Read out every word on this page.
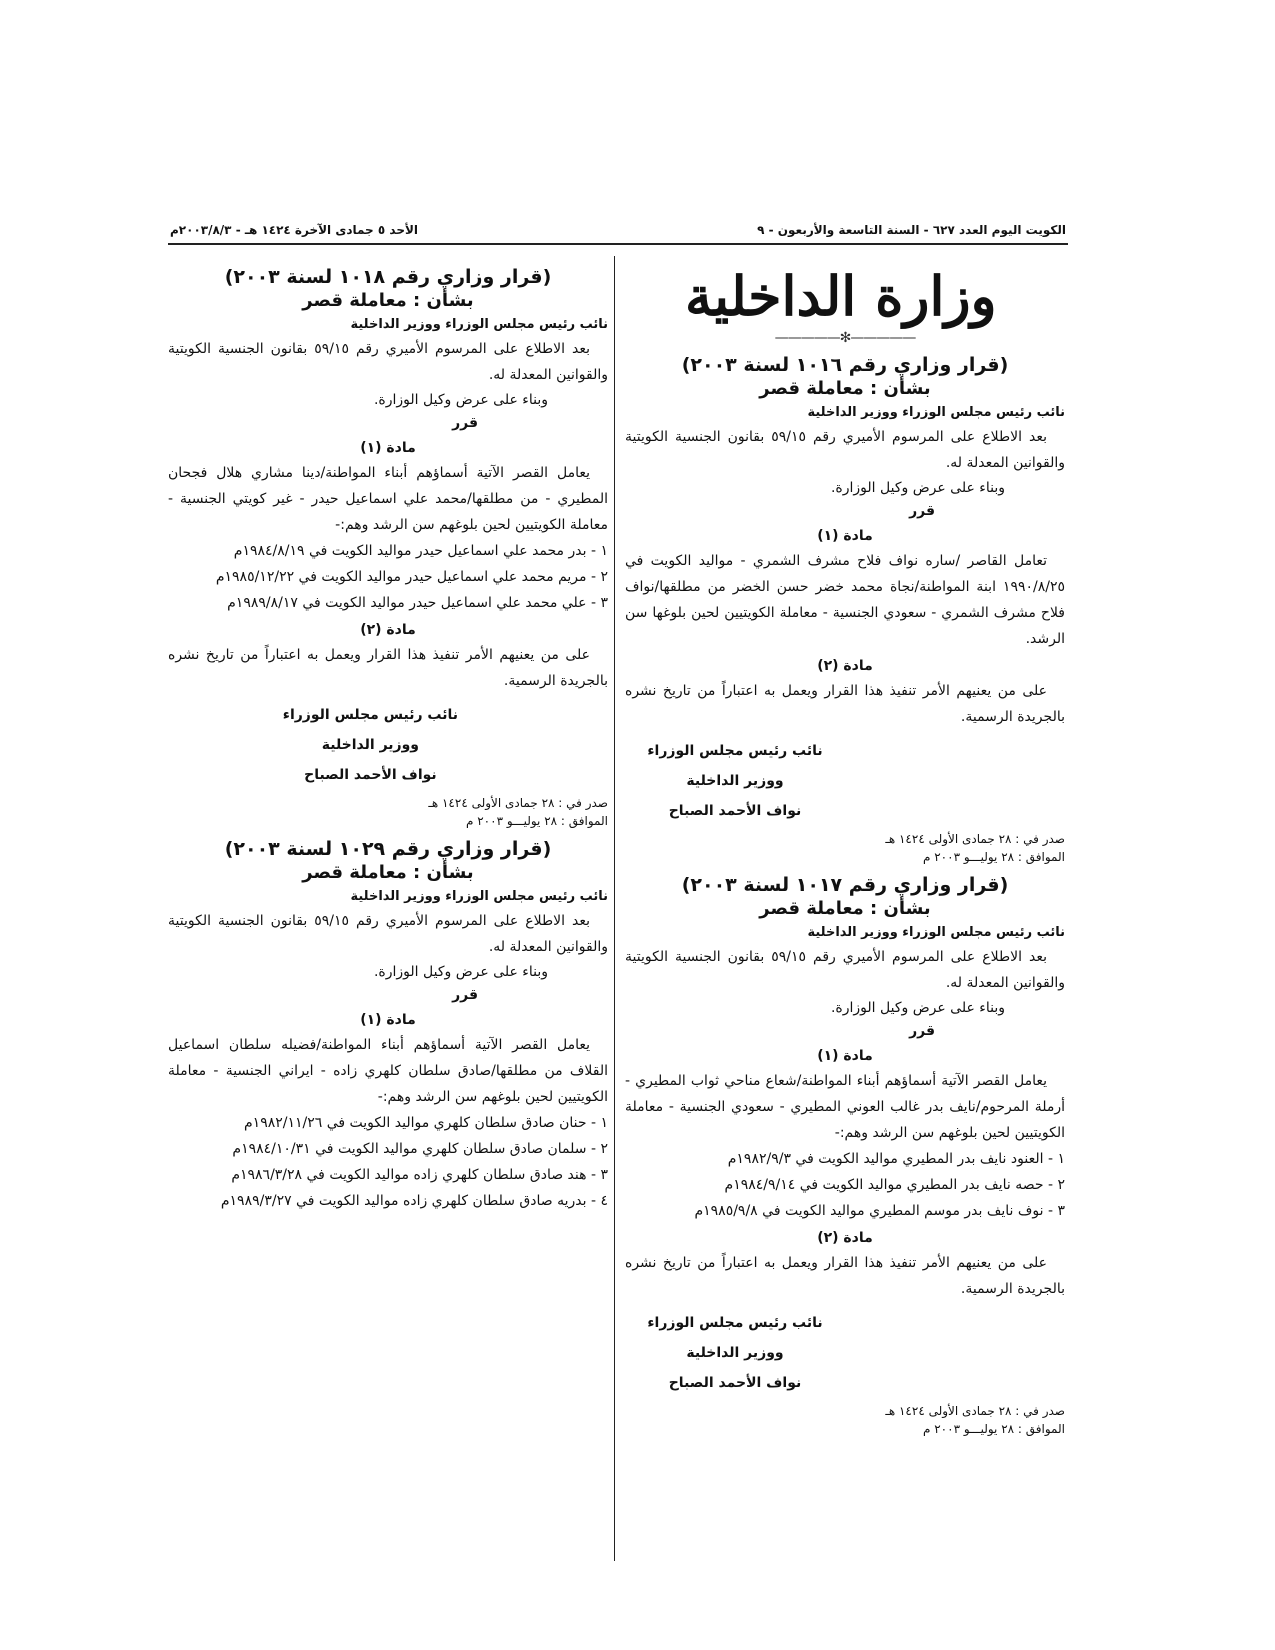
الكويت اليوم العدد ٦٢٧ - السنة التاسعة والأربعون - ٩
الأحد ٥ جمادى الآخرة ١٤٢٤ هـ - ٢٠٠٣/٨/٣م
وزارة الداخلية
—————✻—————
(قرار وزاري رقم ١٠١٦ لسنة ٢٠٠٣)
بشأن : معاملة قصر
نائب رئيس مجلس الوزراء ووزير الداخلية

بعد الاطلاع على المرسوم الأميري رقم ٥٩/١٥ بقانون الجنسية الكويتية والقوانين المعدلة له.

وبناء على عرض وكيل الوزارة.

قرر
مادة (١)

تعامل القاصر /ساره نواف فلاح مشرف الشمري - مواليد الكويت في ١٩٩٠/٨/٢٥ ابنة المواطنة/نجاة محمد خضر حسن الخضر من مطلقها/نواف فلاح مشرف الشمري - سعودي الجنسية - معاملة الكويتيين لحين بلوغها سن الرشد.

مادة (٢)

على من يعنيهم الأمر تنفيذ هذا القرار ويعمل به اعتباراً من تاريخ نشره بالجريدة الرسمية.

نائب رئيس مجلس الوزراء
ووزير الداخلية
نواف الأحمد الصباح
صدر في : ٢٨ جمادى الأولى ١٤٢٤ هـ
الموافق : ٢٨ يوليـــو ٢٠٠٣ م
(قرار وزاري رقم ١٠١٧ لسنة ٢٠٠٣)
بشأن : معاملة قصر
نائب رئيس مجلس الوزراء ووزير الداخلية

بعد الاطلاع على المرسوم الأميري رقم ٥٩/١٥ بقانون الجنسية الكويتية والقوانين المعدلة له.

وبناء على عرض وكيل الوزارة.

قرر
مادة (١)

يعامل القصر الآتية أسماؤهم أبناء المواطنة/شعاع مناحي ثواب المطيري - أرملة المرحوم/نايف بدر غالب العوني المطيري - سعودي الجنسية - معاملة الكويتيين لحين بلوغهم سن الرشد وهم:-

١ - العنود نايف بدر المطيري مواليد الكويت في ١٩٨٢/٩/٣م

٢ - حصه نايف بدر المطيري مواليد الكويت في ١٩٨٤/٩/١٤م

٣ - نوف نايف بدر موسم المطيري مواليد الكويت في ١٩٨٥/٩/٨م

مادة (٢)

على من يعنيهم الأمر تنفيذ هذا القرار ويعمل به اعتباراً من تاريخ نشره بالجريدة الرسمية.

نائب رئيس مجلس الوزراء
ووزير الداخلية
نواف الأحمد الصباح
صدر في : ٢٨ جمادى الأولى ١٤٢٤ هـ
الموافق : ٢٨ يوليـــو ٢٠٠٣ م
(قرار وزاري رقم ١٠١٨ لسنة ٢٠٠٣)
بشأن : معاملة قصر
نائب رئيس مجلس الوزراء ووزير الداخلية

بعد الاطلاع على المرسوم الأميري رقم ٥٩/١٥ بقانون الجنسية الكويتية والقوانين المعدلة له.

وبناء على عرض وكيل الوزارة.

قرر
مادة (١)

يعامل القصر الآتية أسماؤهم أبناء المواطنة/دينا مشاري هلال فجحان المطيري - من مطلقها/محمد علي اسماعيل حيدر - غير كويتي الجنسية - معاملة الكويتيين لحين بلوغهم سن الرشد وهم:-

١ - بدر محمد علي اسماعيل حيدر مواليد الكويت في ١٩٨٤/٨/١٩م

٢ - مريم محمد علي اسماعيل حيدر مواليد الكويت في ١٩٨٥/١٢/٢٢م

٣ - علي محمد علي اسماعيل حيدر مواليد الكويت في ١٩٨٩/٨/١٧م

مادة (٢)

على من يعنيهم الأمر تنفيذ هذا القرار ويعمل به اعتباراً من تاريخ نشره بالجريدة الرسمية.

نائب رئيس مجلس الوزراء
ووزير الداخلية
نواف الأحمد الصباح
صدر في : ٢٨ جمادى الأولى ١٤٢٤ هـ
الموافق : ٢٨ يوليـــو ٢٠٠٣ م
(قرار وزاري رقم ١٠٢٩ لسنة ٢٠٠٣)
بشأن : معاملة قصر
نائب رئيس مجلس الوزراء ووزير الداخلية

بعد الاطلاع على المرسوم الأميري رقم ٥٩/١٥ بقانون الجنسية الكويتية والقوانين المعدلة له.

وبناء على عرض وكيل الوزارة.

قرر
مادة (١)

يعامل القصر الآتية أسماؤهم أبناء المواطنة/فضيله سلطان اسماعيل القلاف من مطلقها/صادق سلطان كلهري زاده - ايراني الجنسية - معاملة الكويتيين لحين بلوغهم سن الرشد وهم:-

١ - حنان صادق سلطان كلهري مواليد الكويت في ١٩٨٢/١١/٢٦م

٢ - سلمان صادق سلطان كلهري مواليد الكويت في ١٩٨٤/١٠/٣١م

٣ - هند صادق سلطان كلهري زاده مواليد الكويت في ١٩٨٦/٣/٢٨م

٤ - بدريه صادق سلطان كلهري زاده مواليد الكويت في ١٩٨٩/٣/٢٧م
